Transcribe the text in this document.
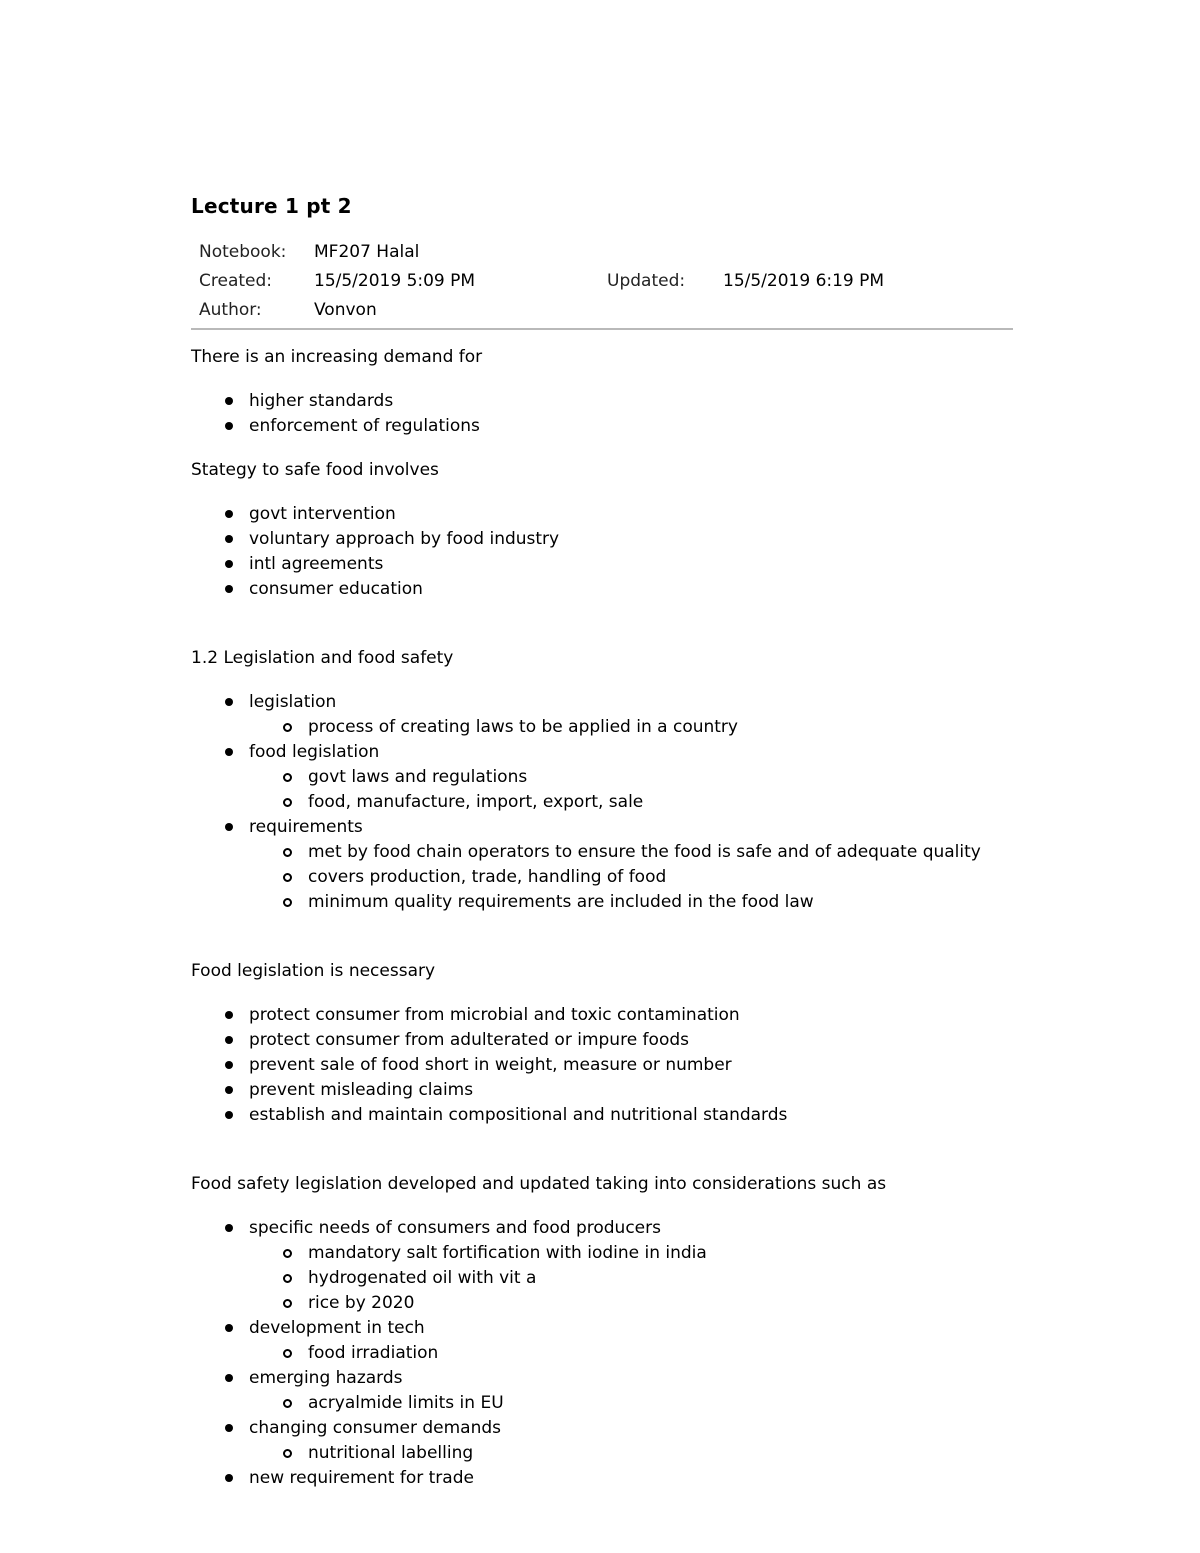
Lecture 1 pt 2
Notebook: MF207 Halal
Created: 15/5/2019 5:09 PM	Updated: 15/5/2019 6:19 PM
Author:	Vonvon

There is an increasing demand for

higher standards
enforcement of regulations

Stategy to safe food involves

govt intervention
voluntary approach by food industry
intl agreements
consumer education

1.2 Legislation and food safety

legislation
process of creating laws to be applied in a country
food legislation
govt laws and regulations
food, manufacture, import, export, sale
requirements
met by food chain operators to ensure the food is safe and of adequate quality
covers production, trade, handling of food
minimum quality requirements are included in the food law

Food legislation is necessary

protect consumer from microbial and toxic contamination
protect consumer from adulterated or impure foods
prevent sale of food short in weight, measure or number
prevent misleading claims
establish and maintain compositional and nutritional standards

Food safety legislation developed and updated taking into considerations such as

specific needs of consumers and food producers
mandatory salt fortification with iodine in india
hydrogenated oil with vit a
rice by 2020
development in tech
food irradiation
emerging hazards
acryalmide limits in EU
changing consumer demands
nutritional labelling
new requirement for trade
